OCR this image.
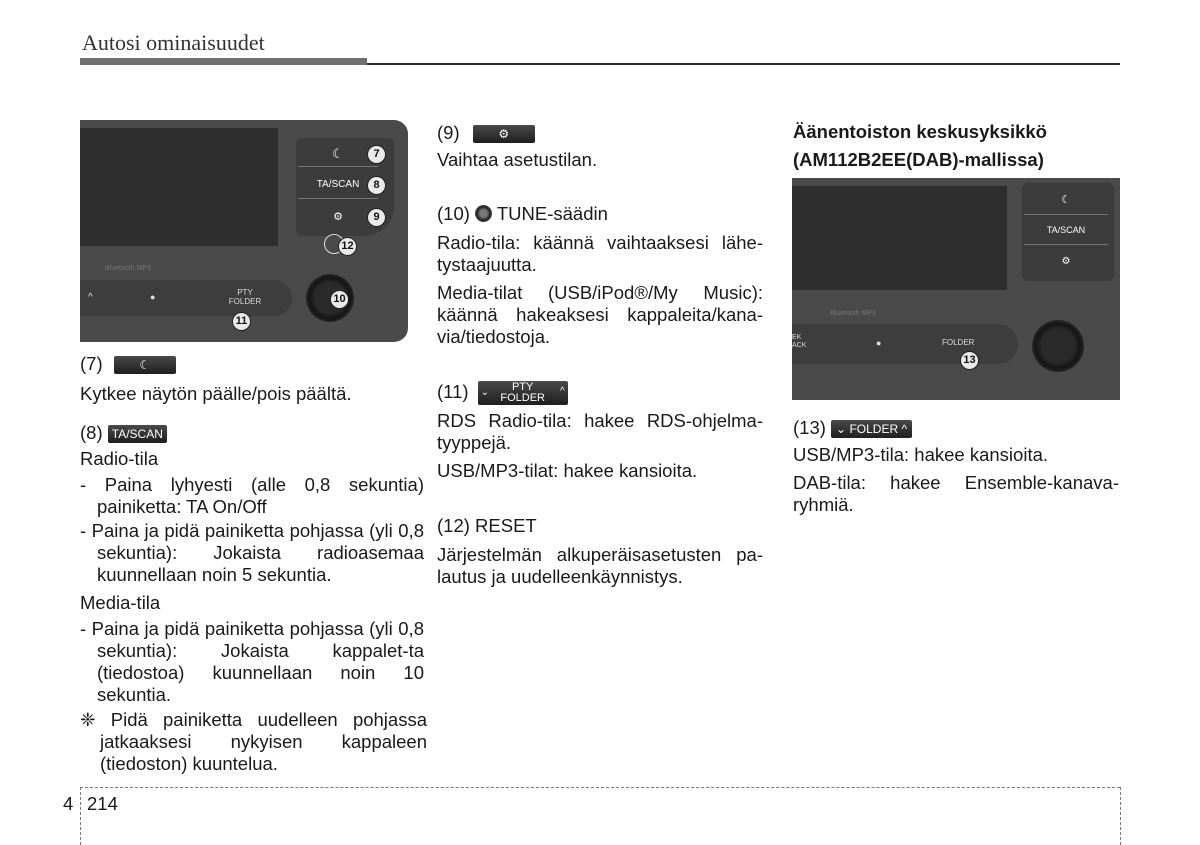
Autosi ominaisuudet
☾
TA/SCAN
⚙
Bluetooth MP3
^	●	PTY
FOLDER
7
8
9
12
10
11
(7)	☾
Kytkee näytön päälle/pois päältä.
(8) TA/SCAN
Radio-tila
- Paina lyhyesti (alle 0,8 sekuntia) painiketta: TA On/Off
- Paina ja pidä painiketta pohjassa (yli 0,8 sekuntia): Jokaista radioasemaa kuunnellaan noin 5 sekuntia.
Media-tila
- Paina ja pidä painiketta pohjassa (yli 0,8 sekuntia): Jokaista kappalet-ta (tiedostoa) kuunnellaan noin 10 sekuntia.
❈ Pidä painiketta uudelleen pohjassa jatkaaksesi nykyisen kappaleen (tiedoston) kuuntelua.
(9)	⚙
Vaihtaa asetustilan.
(10) TUNE-säädin
Radio-tila: käännä vaihtaaksesi lähe-tystaajuutta.
Media-tilat (USB/iPod®/My Music): käännä hakeaksesi kappaleita/kana-via/tiedostoja.
(11) ⌄	PTY
FOLDER
^
RDS Radio-tila: hakee RDS-ohjelma-tyyppejä.
USB/MP3-tilat: hakee kansioita.
(12) RESET
Järjestelmän alkuperäisasetusten pa-lautus ja uudelleenkäynnistys.
Äänentoiston keskusyksikkö
(AM112B2EE(DAB)-mallissa)
☾
TA/SCAN
⚙
Bluetooth MP3
EK
ACK	●	FOLDER
13
(13) ⌄ FOLDER ^
USB/MP3-tila: hakee kansioita.
DAB-tila: hakee Ensemble-kanava-ryhmiä.
4 214
